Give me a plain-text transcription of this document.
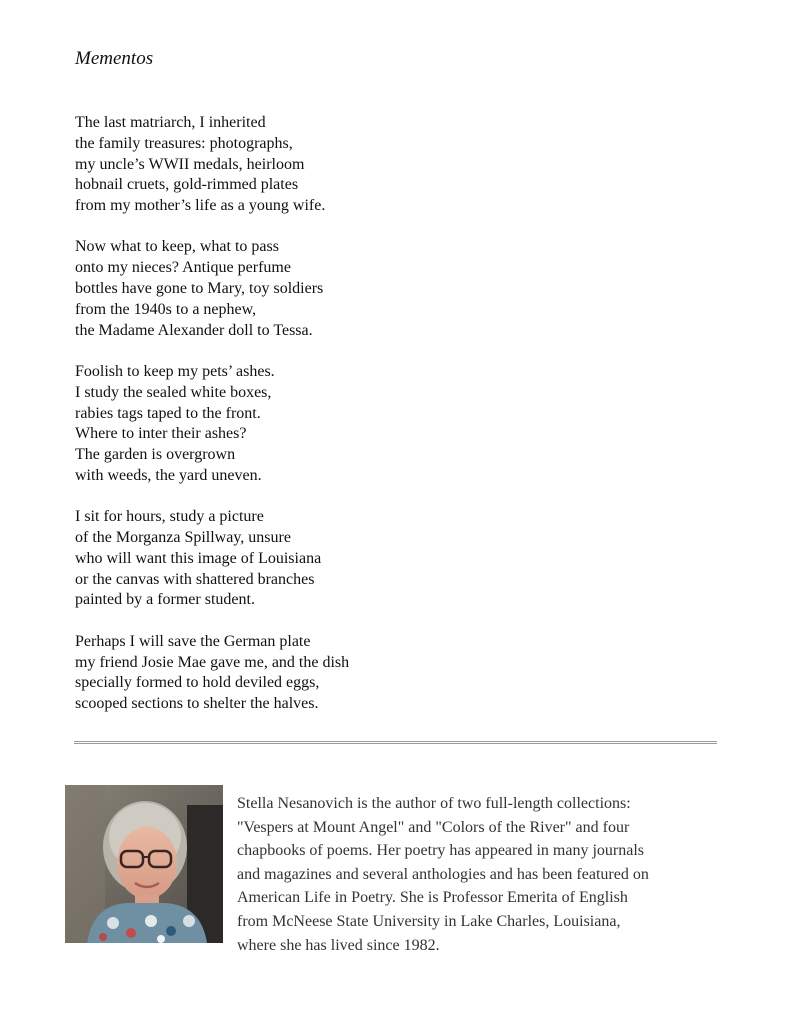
Mementos
The last matriarch, I inherited
the family treasures: photographs,
my uncle’s WWII medals, heirloom
hobnail cruets, gold-rimmed plates
from my mother’s life as a young wife.
Now what to keep, what to pass
onto my nieces? Antique perfume
bottles have gone to Mary, toy soldiers
from the 1940s to a nephew,
the Madame Alexander doll to Tessa.
Foolish to keep my pets’ ashes.
I study the sealed white boxes,
rabies tags taped to the front.
Where to inter their ashes?
The garden is overgrown
with weeds, the yard uneven.
I sit for hours, study a picture
of the Morganza Spillway, unsure
who will want this image of Louisiana
or the canvas with shattered branches
painted by a former student.
Perhaps I will save the German plate
my friend Josie Mae gave me, and the dish
specially formed to hold deviled eggs,
scooped sections to shelter the halves.
Stella Nesanovich is the author of two full-length collections:
"Vespers at Mount Angel" and "Colors of the River" and four
chapbooks of poems. Her poetry has appeared in many journals
and magazines and several anthologies and has been featured on
American Life in Poetry. She is Professor Emerita of English
from McNeese State University in Lake Charles, Louisiana,
where she has lived since 1982.
